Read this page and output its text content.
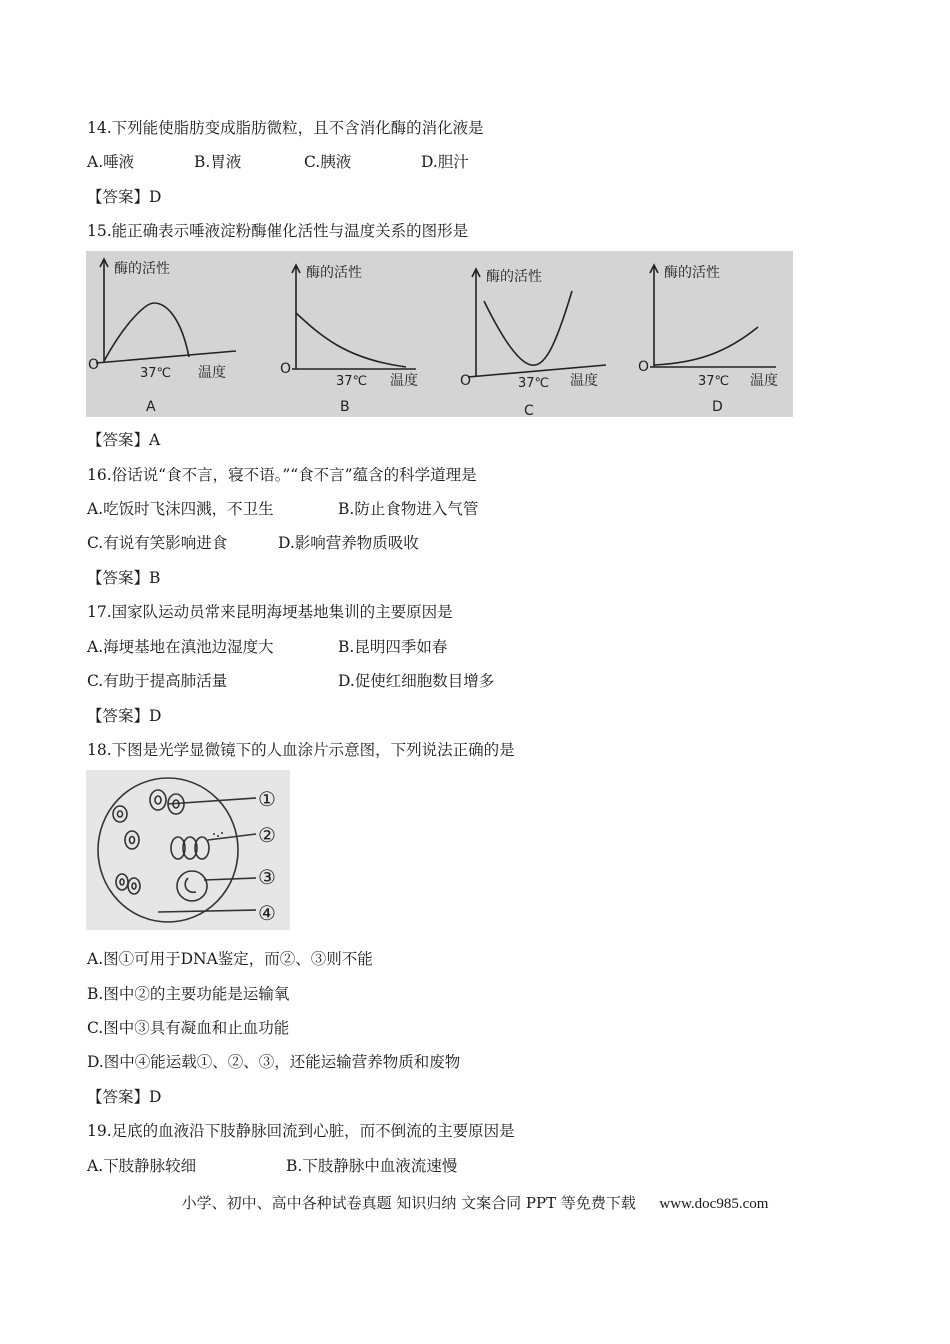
14.下列能使脂肪变成脂肪微粒，且不含消化酶的消化液是
A.唾液	B.胃液	C.胰液	D.胆汁
【答案】D
15.能正确表示唾液淀粉酶催化活性与温度关系的图形是
酶的活性
O
37℃ 温度
A
酶的活性
O
37℃ 温度
B
酶的活性
O	37℃ 温度
C
酶的活性
O
37℃ 温度
D
【答案】A
16.俗话说“食不言，寝不语。”“食不言”蕴含的科学道理是
A.吃饭时飞沫四溅，不卫生	B.防止食物进入气管
C.有说有笑影响进食	D.影响营养物质吸收
【答案】B
17.国家队运动员常来昆明海埂基地集训的主要原因是
A.海埂基地在滇池边湿度大	B.昆明四季如春
C.有助于提高肺活量	D.促使红细胞数目增多
【答案】D
18.下图是光学显微镜下的人血涂片示意图，下列说法正确的是
①
②
③
④
A.图①可用于DNA鉴定，而②、③则不能
B.图中②的主要功能是运输氧
C.图中③具有凝血和止血功能
D.图中④能运载①、②、③，还能运输营养物质和废物
【答案】D
19.足底的血液沿下肢静脉回流到心脏，而不倒流的主要原因是
A.下肢静脉较细	B.下肢静脉中血液流速慢
小学、初中、高中各种试卷真题 知识归纳 文案合同 PPT 等免费下载 www.doc985.com
